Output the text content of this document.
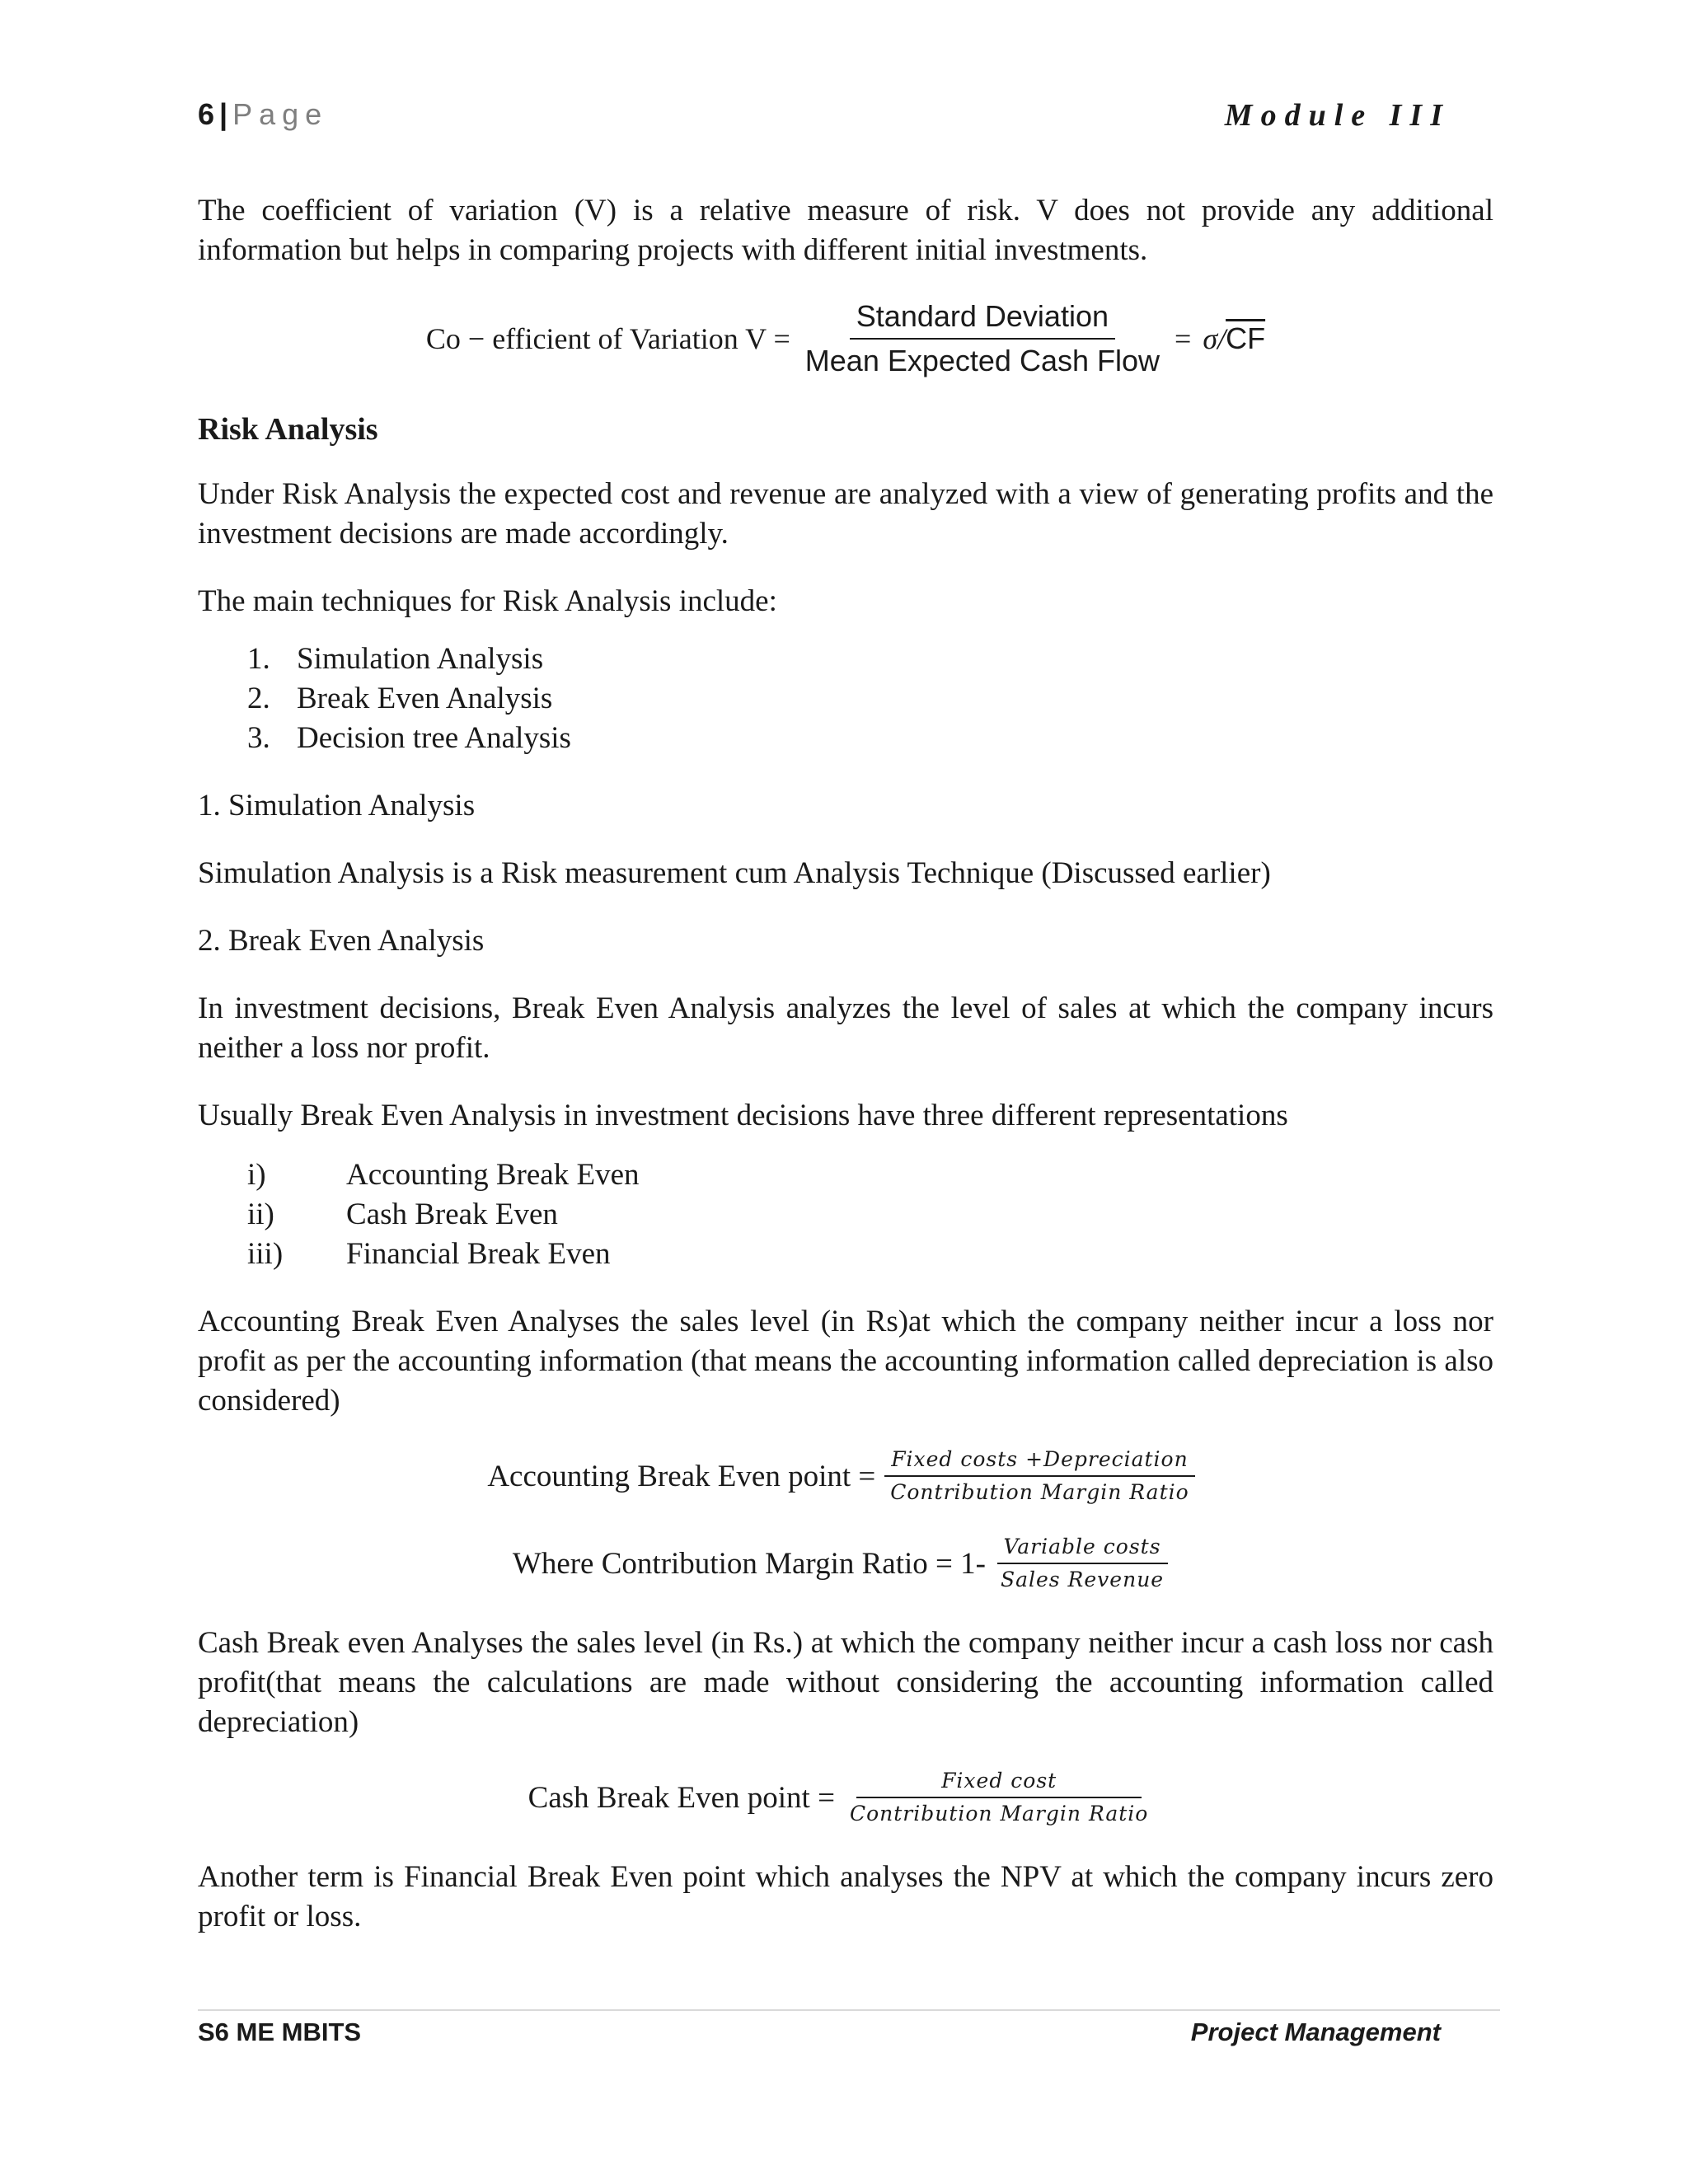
6 | Page	Module III

The coefficient of variation (V) is a relative measure of risk. V does not provide any additional information but helps in comparing projects with different initial investments.

Co − efficient of Variation $V = \frac{\text{Standard Deviation}}{\text{Mean Expected Cash Flow}} = \sigma/$ $\overline{CF}$
Risk Analysis

Under Risk Analysis the expected cost and revenue are analyzed with a view of generating profits and the investment decisions are made accordingly.

The main techniques for Risk Analysis include:

1. Simulation Analysis
2. Break Even Analysis
3. Decision tree Analysis

1. Simulation Analysis

Simulation Analysis is a Risk measurement cum Analysis Technique (Discussed earlier)

2. Break Even Analysis

In investment decisions, Break Even Analysis analyzes the level of sales at which the company incurs neither a loss nor profit.

Usually Break Even Analysis in investment decisions have three different representations

i)	Accounting Break Even
ii) Cash Break Even
iii) Financial Break Even

Accounting Break Even Analyses the sales level (in Rs)at which the company neither incur a loss nor profit as per the accounting information (that means the accounting information called depreciation is also considered)

Accounting Break Even point = $\frac{\text{Fixed costs +Depreciation}}{\text{Contribution Margin Ratio}}$
Where Contribution Margin Ratio = $1- \frac{\text{Variable costs}}{\text{Sales Revenue}}$

Cash Break even Analyses the sales level (in Rs.) at which the company neither incur a cash loss nor cash profit(that means the calculations are made without considering the accounting information called depreciation)

Cash Break Even point = $\frac{\text{Fixed cost}}{\text{Contribution Margin Ratio}}$

Another term is Financial Break Even point which analyses the NPV at which the company incurs zero profit or loss.

S6 ME MBITS	Project Management
